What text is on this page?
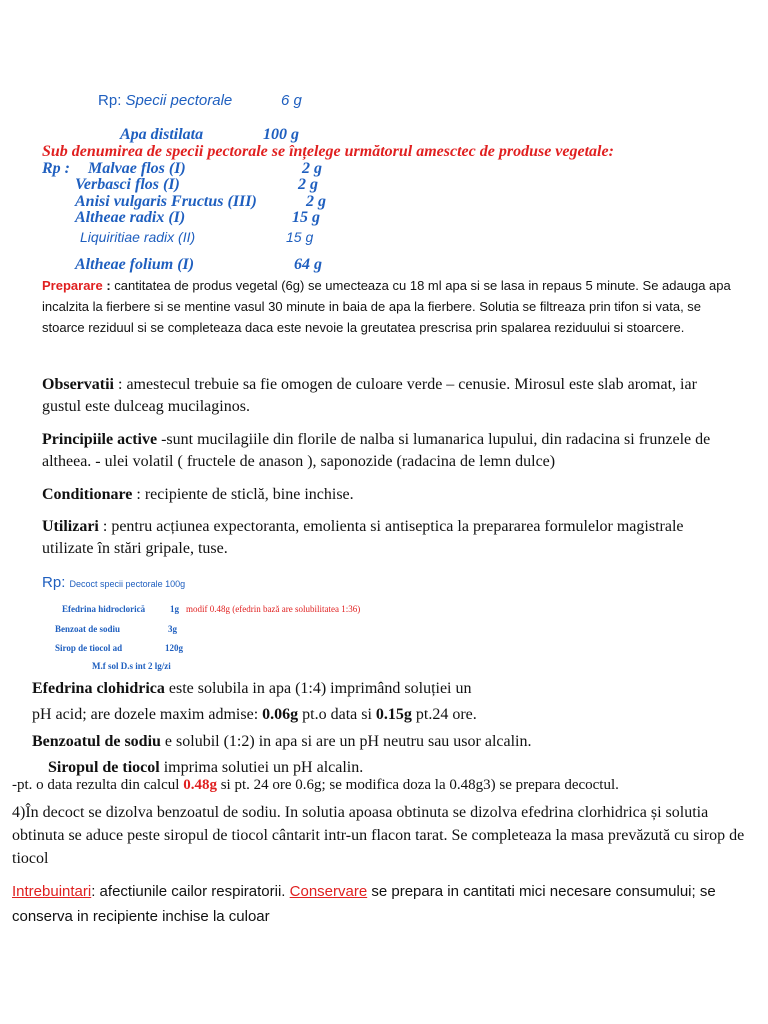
Rp: Specii pectorale	6 g
Apa distilata	100 g
Sub denumirea de specii pectorale se înțelege următorul amesctec de produse vegetale:
Rp : Malvae flos (I)	2 g
Verbasci flos (I)	2 g
Anisi vulgaris Fructus (III)	2 g
Altheae radix (I)	15 g
Liquiritiae radix (II)	15 g
Altheae folium (I)	64 g
Preparare : cantitatea de produs vegetal (6g) se umecteaza cu 18 ml apa si se lasa in repaus 5 minute. Se adauga apa incalzita la fierbere si se mentine vasul 30 minute in baia de apa la fierbere. Solutia se filtreaza prin tifon si vata, se stoarce reziduul si se completeaza daca este nevoie la greutatea prescrisa prin spalarea reziduului si stoarcere.
Observatii : amestecul trebuie sa fie omogen de culoare verde – cenusie. Mirosul este slab aromat, iar gustul este dulceag mucilaginos.
Principiile active -sunt mucilagiile din florile de nalba si lumanarica lupului, din radacina si frunzele de altheea. - ulei volatil ( fructele de anason ), saponozide (radacina de lemn dulce)
Conditionare : recipiente de sticlă, bine inchise.
Utilizari : pentru acțiunea expectoranta, emolienta si antiseptica la prepararea formulelor magistrale utilizate în stări gripale, tuse.
Rp: Decoct specii pectorale 100g
Efedrina hidroclorică	1g modif 0.48g (efedrin bază are solubilitatea 1:36)
Benzoat de sodiu	3g
Sirop de tiocol ad	120g
M.f sol D.s int 2 lg/zi
Efedrina clohidrica este solubila in apa (1:4) imprimând soluției un
pH acid; are dozele maxim admise: 0.06g pt.o data si 0.15g pt.24 ore.
Benzoatul de sodiu e solubil (1:2) in apa si are un pH neutru sau usor alcalin.
Siropul de tiocol imprima solutiei un pH alcalin.
-pt. o data rezulta din calcul 0.48g si pt. 24 ore 0.6g; se modifica doza la 0.48g3) se prepara decoctul.
4)În decoct se dizolva benzoatul de sodiu. In solutia apoasa obtinuta se dizolva efedrina clorhidrica și solutia obtinuta se aduce peste siropul de tiocol cântarit intr-un flacon tarat. Se completeaza la masa prevăzută cu sirop de tiocol
Intrebuintari: afectiunile cailor respiratorii. Conservare se prepara in cantitati mici necesare consumului; se conserva in recipiente inchise la culoar
